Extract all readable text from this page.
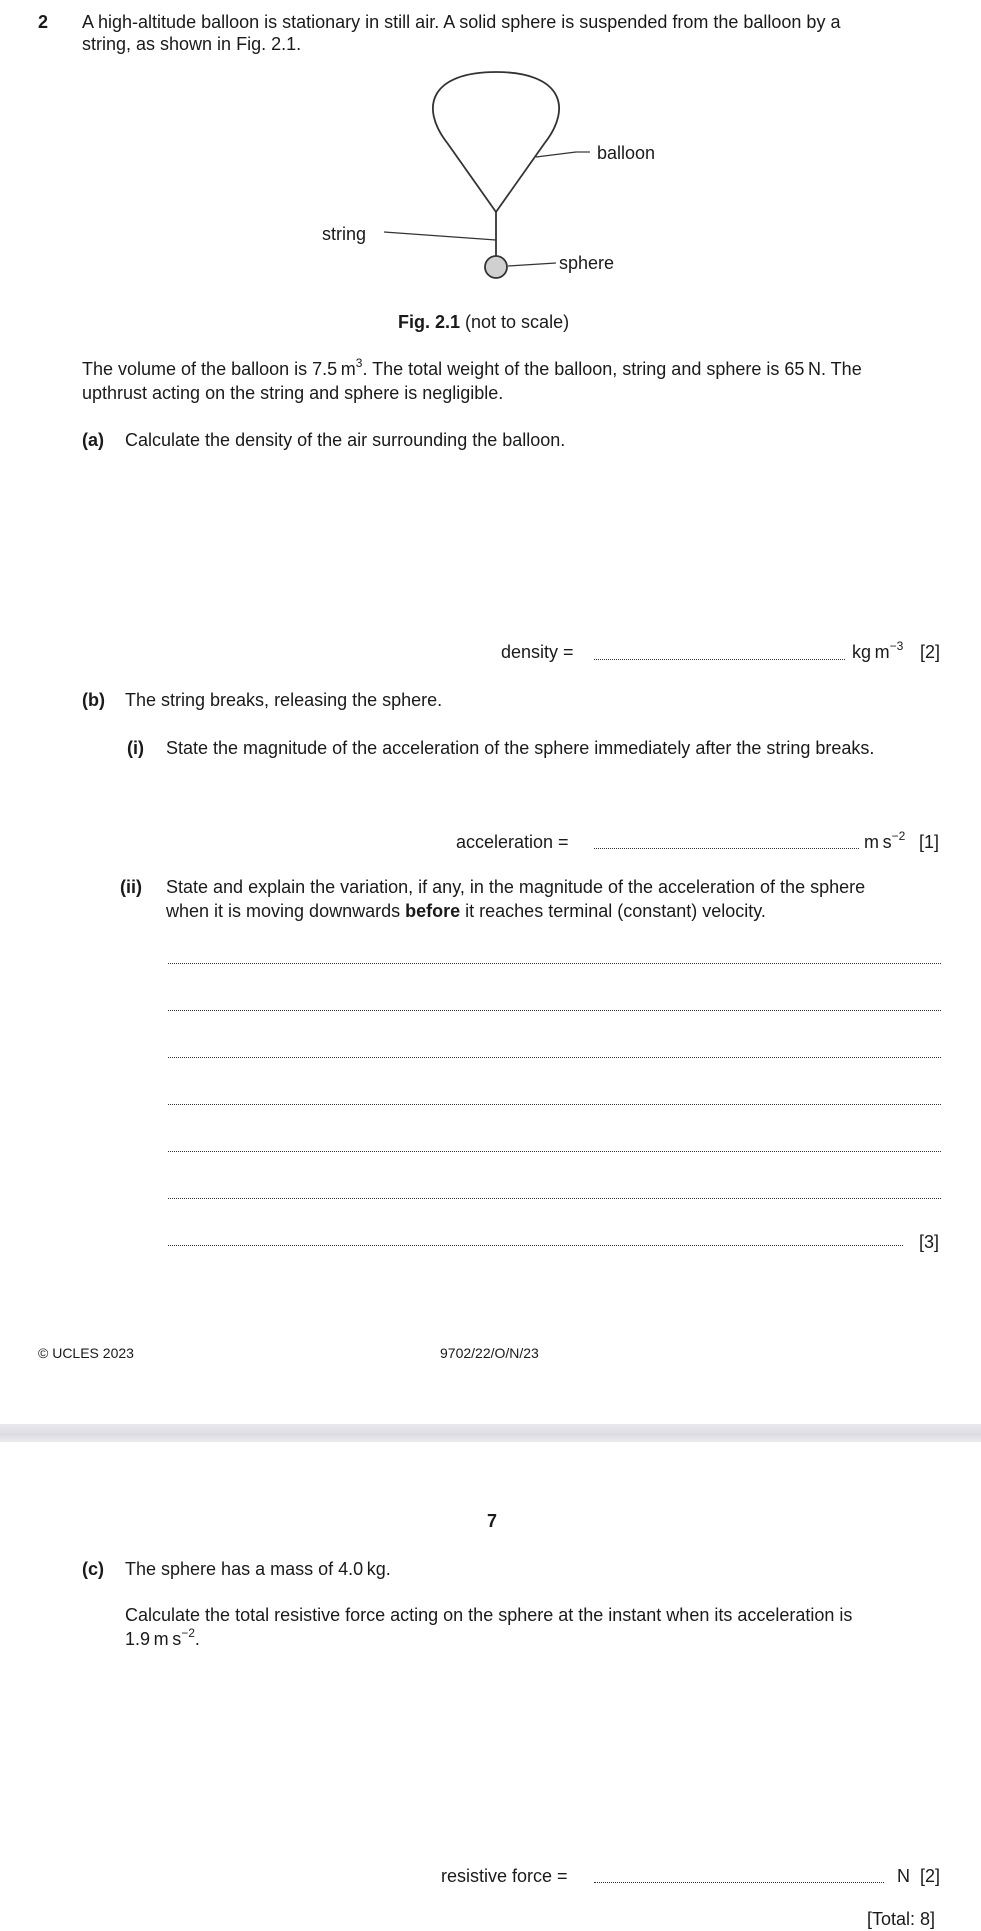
2 A high-altitude balloon is stationary in still air. A solid sphere is suspended from the balloon by a
string, as shown in Fig. 2.1.
balloon
string
sphere
Fig. 2.1 (not to scale)
The volume of the balloon is 7.5 $m^3$. The total weight of the balloon, string and sphere is 65 N. The
upthrust acting on the string and sphere is negligible.
(a) Calculate the density of the air surrounding the balloon.
density =	kg $m^{-3}$ [2]
(b) The string breaks, releasing the sphere.
(i) State the magnitude of the acceleration of the sphere immediately after the string breaks.
acceleration =	m $s^{-2}$ [1]
(ii) State and explain the variation, if any, in the magnitude of the acceleration of the sphere
when it is moving downwards before it reaches terminal (constant) velocity.
[3]
© UCLES 2023	9702/22/O/N/23
7
(c) The sphere has a mass of 4.0 kg.
Calculate the total resistive force acting on the sphere at the instant when its acceleration is
1.9 m $s^{-2}$.
resistive force =	N [2]
[Total: 8]
